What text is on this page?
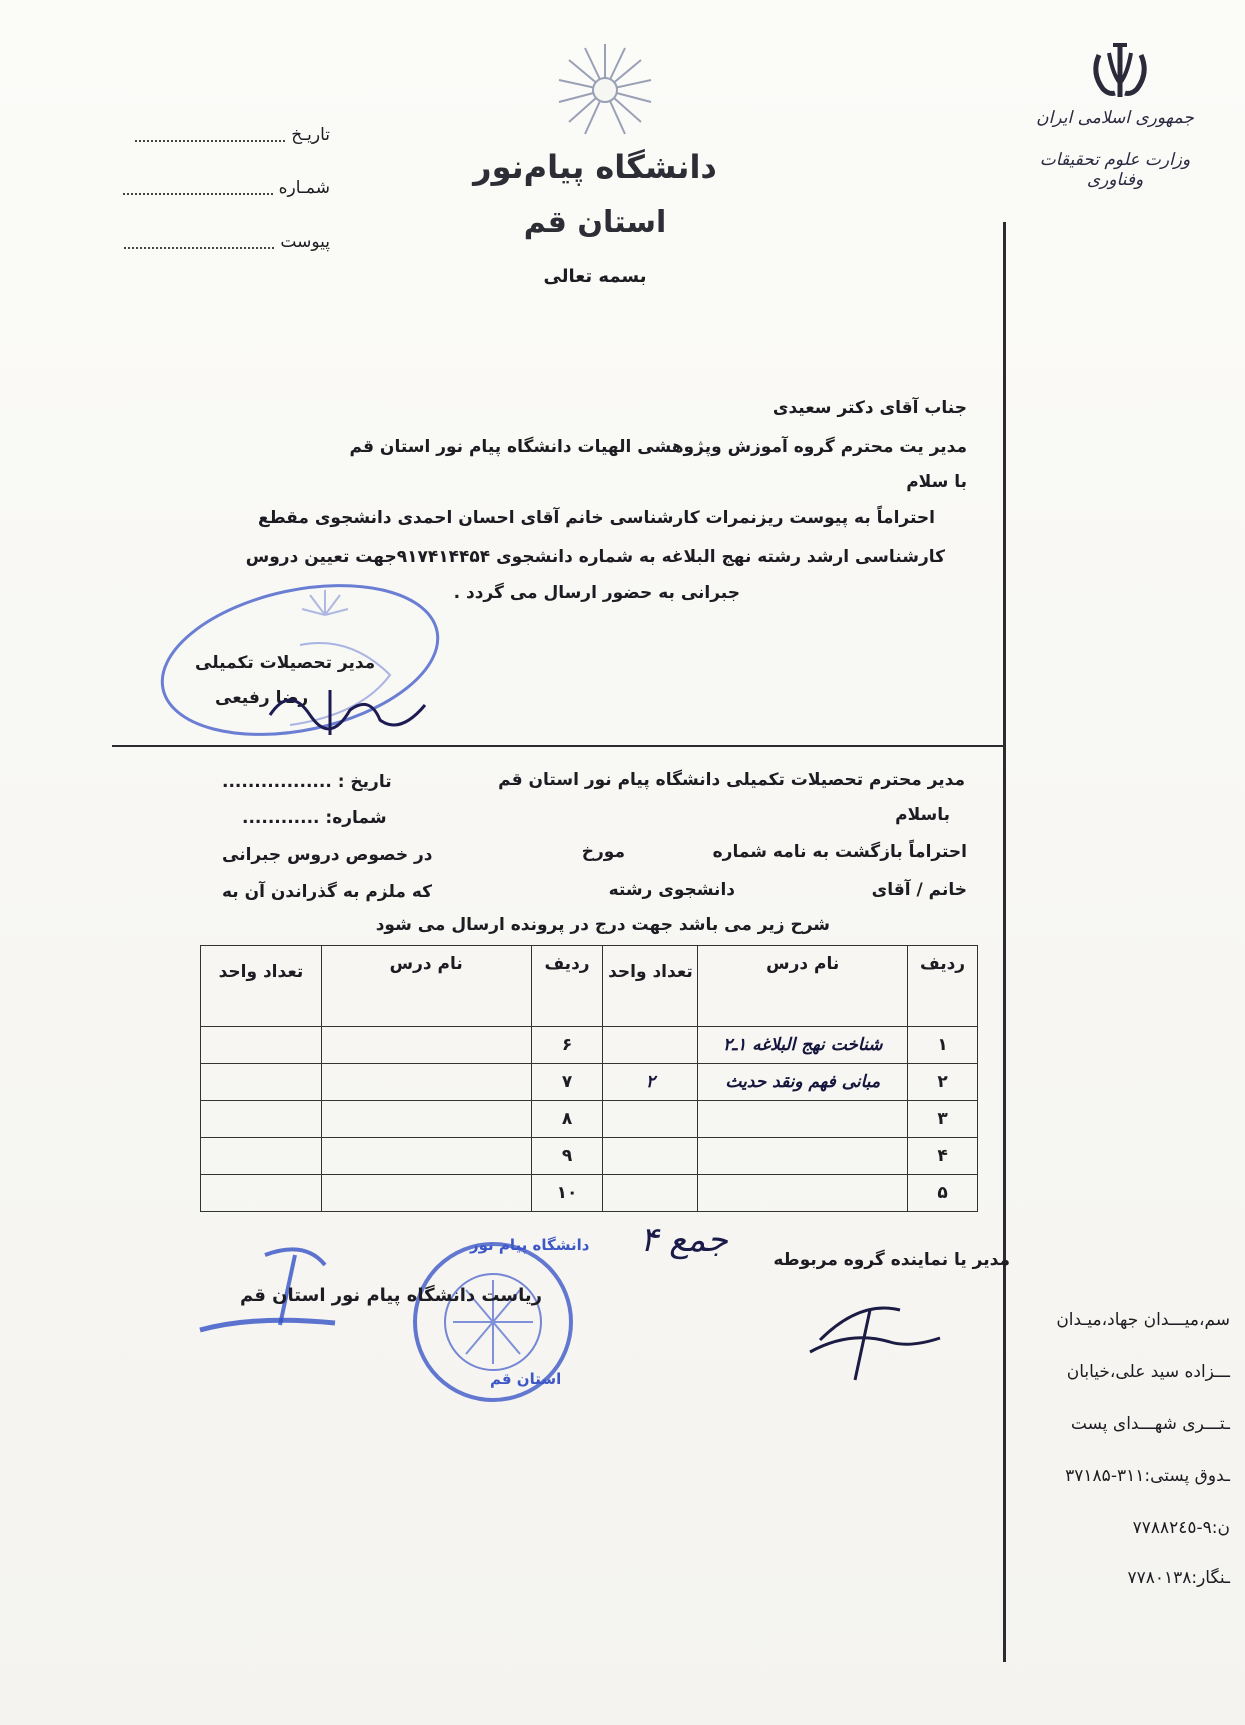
جمهوری اسلامی ایران
وزارت علوم تحقیقات وفناوری
دانشگاه پیام‌نور
استان قم
بسمه تعالی
تاریـخ
شمـاره
پیوست
جناب آقای دکتر سعیدی
مدیر یت محترم گروه آموزش وپژوهشی الهیات دانشگاه پیام نور استان قم
با سلام
احتراماً به پیوست ریزنمرات کارشناسی خانم آقای احسان احمدی دانشجوی مقطع
کارشناسی ارشد رشته نهج البلاغه به شماره دانشجوی ۹۱۷۴۱۴۴۵۴جهت تعیین دروس
جبرانی به حضور ارسال می گردد .
مدیر تحصیلات تکمیلی
رضا رفیعی
مدیر محترم تحصیلات تکمیلی دانشگاه پیام نور استان قم
تاریخ : .................
شماره: ............	باسلام
احتراماً بازگشت به نامه شماره
مورخ
در خصوص دروس جبرانی
خانم / آقای
دانشجوی رشته
که ملزم به گذراندن آن به
شرح زیر می باشد جهت درج در پرونده ارسال می شود
ردیف	نام درس	تعداد واحد	ردیف	نام درس	تعداد واحد
۱	شناخت نهج البلاغه ۱ـ۲		۶		
۲	مبانی فهم ونقد حدیث	۲	۷		
۳			۸		
۴			۹		
۵			۱۰		
مدیر یا نماینده گروه مربوطه
جمع ۴
دانشگاه پیام نور
استان قم
ریاست دانشگاه پیام نور استان قم
سم،میـــدان جهاد،میـدان
ـــزاده سید علی،خیابان
ـتـــری شهـــدای پست
ـدوق پستی:۳۱۱-۳۷۱۸۵
ن:۹-۷۷۸۸۲٤٥
ـنگار:۷۷۸۰۱۳۸
